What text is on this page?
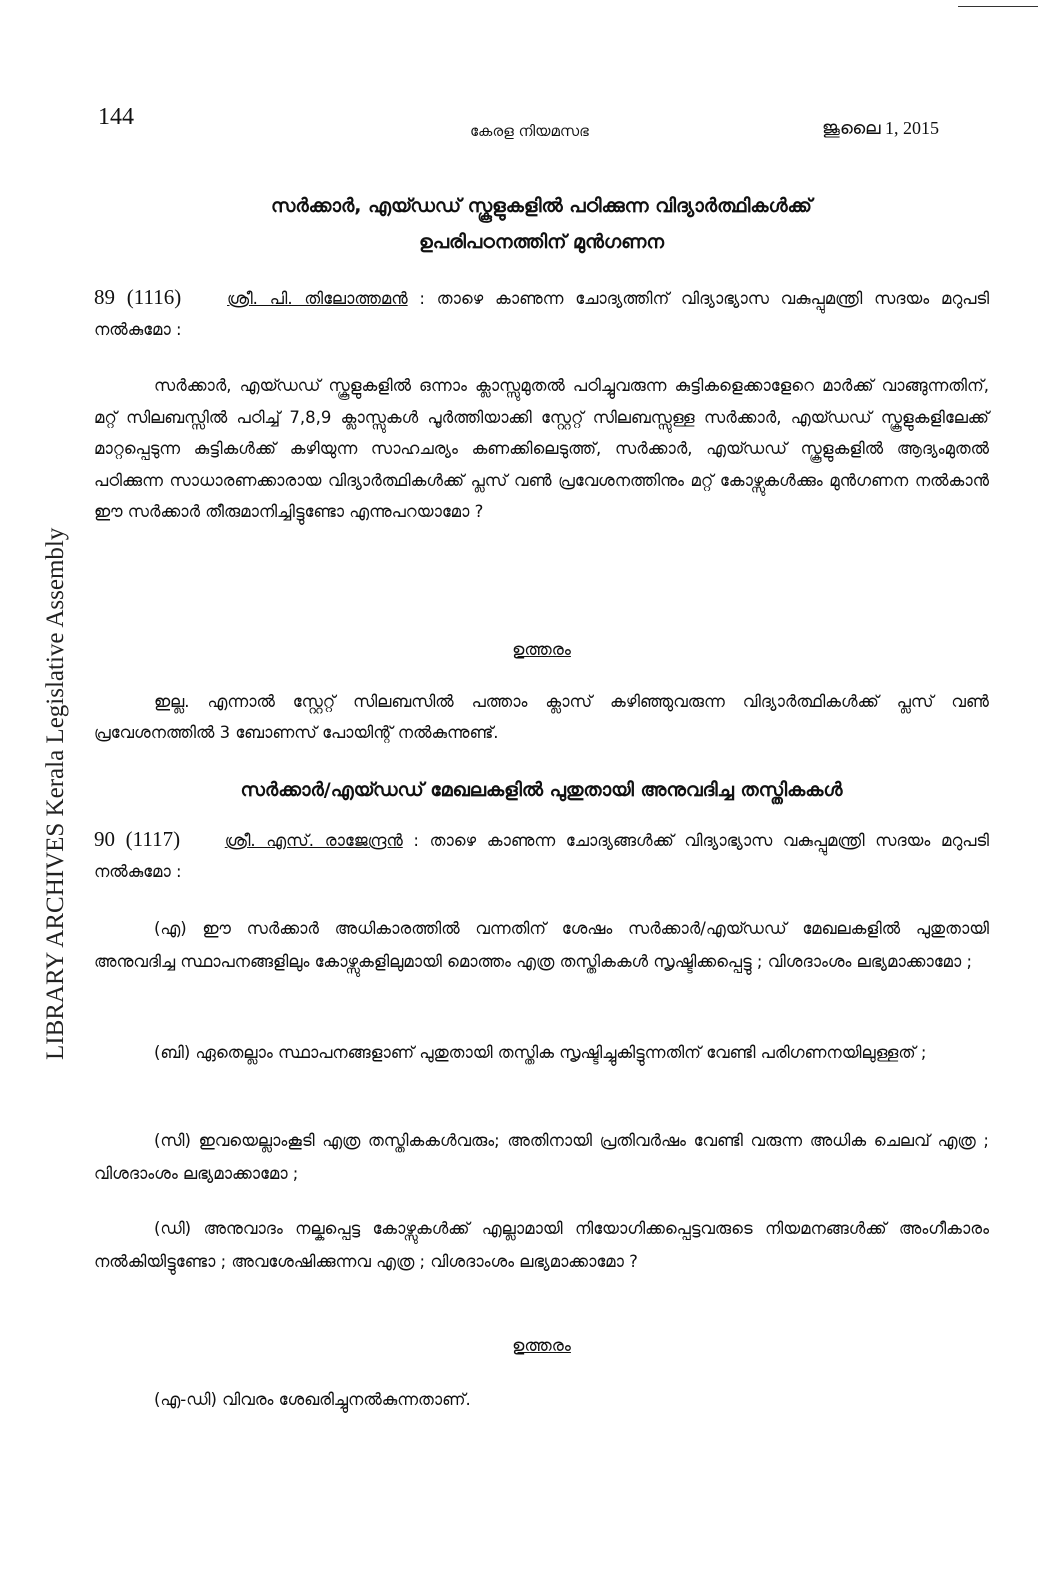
LIBRARY ARCHIVES Kerala Legislative Assembly
144
കേരള നിയമസഭ	ജൂലൈ 1, 2015
സർക്കാർ, എയ്ഡഡ് സ്കൂളുകളിൽ പഠിക്കുന്ന വിദ്യാർത്ഥികൾക്ക്
ഉപരിപഠനത്തിന് മുൻഗണന
89 (1116)	ശ്രീ. പി. തിലോത്തമൻ : താഴെ കാണുന്ന ചോദ്യത്തിന് വിദ്യാഭ്യാസ വകുപ്പുമന്ത്രി സദയം മറുപടി നൽകുമോ :
സർക്കാർ, എയ്ഡഡ് സ്കൂളുകളിൽ ഒന്നാം ക്ലാസ്സുമുതൽ പഠിച്ചുവരുന്ന കുട്ടികളെക്കാളേറെ മാർക്ക് വാങ്ങുന്നതിന്, മറ്റ് സിലബസ്സിൽ പഠിച്ച് 7,8,9 ക്ലാസ്സുകൾ പൂർത്തിയാക്കി സ്റ്റേറ്റ് സിലബസ്സുള്ള സർക്കാർ, എയ്ഡഡ് സ്കൂളുകളിലേക്ക് മാറ്റപ്പെടുന്ന കുട്ടികൾക്ക് കഴിയുന്ന സാഹചര്യം കണക്കിലെടുത്ത്, സർക്കാർ, എയ്ഡഡ് സ്കൂളുകളിൽ ആദ്യംമുതൽ പഠിക്കുന്ന സാധാരണക്കാരായ വിദ്യാർത്ഥികൾക്ക് പ്ലസ് വൺ പ്രവേശനത്തിനും മറ്റ് കോഴ്സുകൾക്കും മുൻഗണന നൽകാൻ ഈ സർക്കാർ തീരുമാനിച്ചിട്ടുണ്ടോ എന്നുപറയാമോ ?
ഉത്തരം
ഇല്ല. എന്നാൽ സ്റ്റേറ്റ് സിലബസിൽ പത്താം ക്ലാസ് കഴിഞ്ഞുവരുന്ന വിദ്യാർത്ഥികൾക്ക് പ്ലസ് വൺ പ്രവേശനത്തിൽ 3 ബോണസ് പോയിന്റ് നൽകുന്നുണ്ട്.
സർക്കാർ/എയ്ഡഡ് മേഖലകളിൽ പുതുതായി അനുവദിച്ച തസ്തികകൾ
90 (1117)	ശ്രീ. എസ്. രാജേന്ദ്രൻ : താഴെ കാണുന്ന ചോദ്യങ്ങൾക്ക് വിദ്യാഭ്യാസ വകുപ്പുമന്ത്രി സദയം മറുപടി നൽകുമോ :
(എ) ഈ സർക്കാർ അധികാരത്തിൽ വന്നതിന് ശേഷം സർക്കാർ/എയ്ഡഡ് മേഖലകളിൽ പുതുതായി അനുവദിച്ച സ്ഥാപനങ്ങളിലും കോഴ്സുകളിലുമായി മൊത്തം എത്ര തസ്തികകൾ സൃഷ്ടിക്കപ്പെട്ടു ; വിശദാംശം ലഭ്യമാക്കാമോ ;
(ബി) ഏതെല്ലാം സ്ഥാപനങ്ങളാണ് പുതുതായി തസ്തിക സൃഷ്ടിച്ചുകിട്ടുന്നതിന് വേണ്ടി പരിഗണനയിലുള്ളത് ;
(സി) ഇവയെല്ലാംകൂടി എത്ര തസ്തികകൾവരും; അതിനായി പ്രതിവർഷം വേണ്ടി വരുന്ന അധിക ചെലവ് എത്ര ; വിശദാംശം ലഭ്യമാക്കാമോ ;
(ഡി) അനുവാദം നല്കപ്പെട്ട കോഴ്സുകൾക്ക് എല്ലാമായി നിയോഗിക്കപ്പെട്ടവരുടെ നിയമനങ്ങൾക്ക് അംഗീകാരം നൽകിയിട്ടുണ്ടോ ; അവശേഷിക്കുന്നവ എത്ര ; വിശദാംശം ലഭ്യമാക്കാമോ ?
ഉത്തരം
(എ-ഡി) വിവരം ശേഖരിച്ചുനൽകുന്നതാണ്.
